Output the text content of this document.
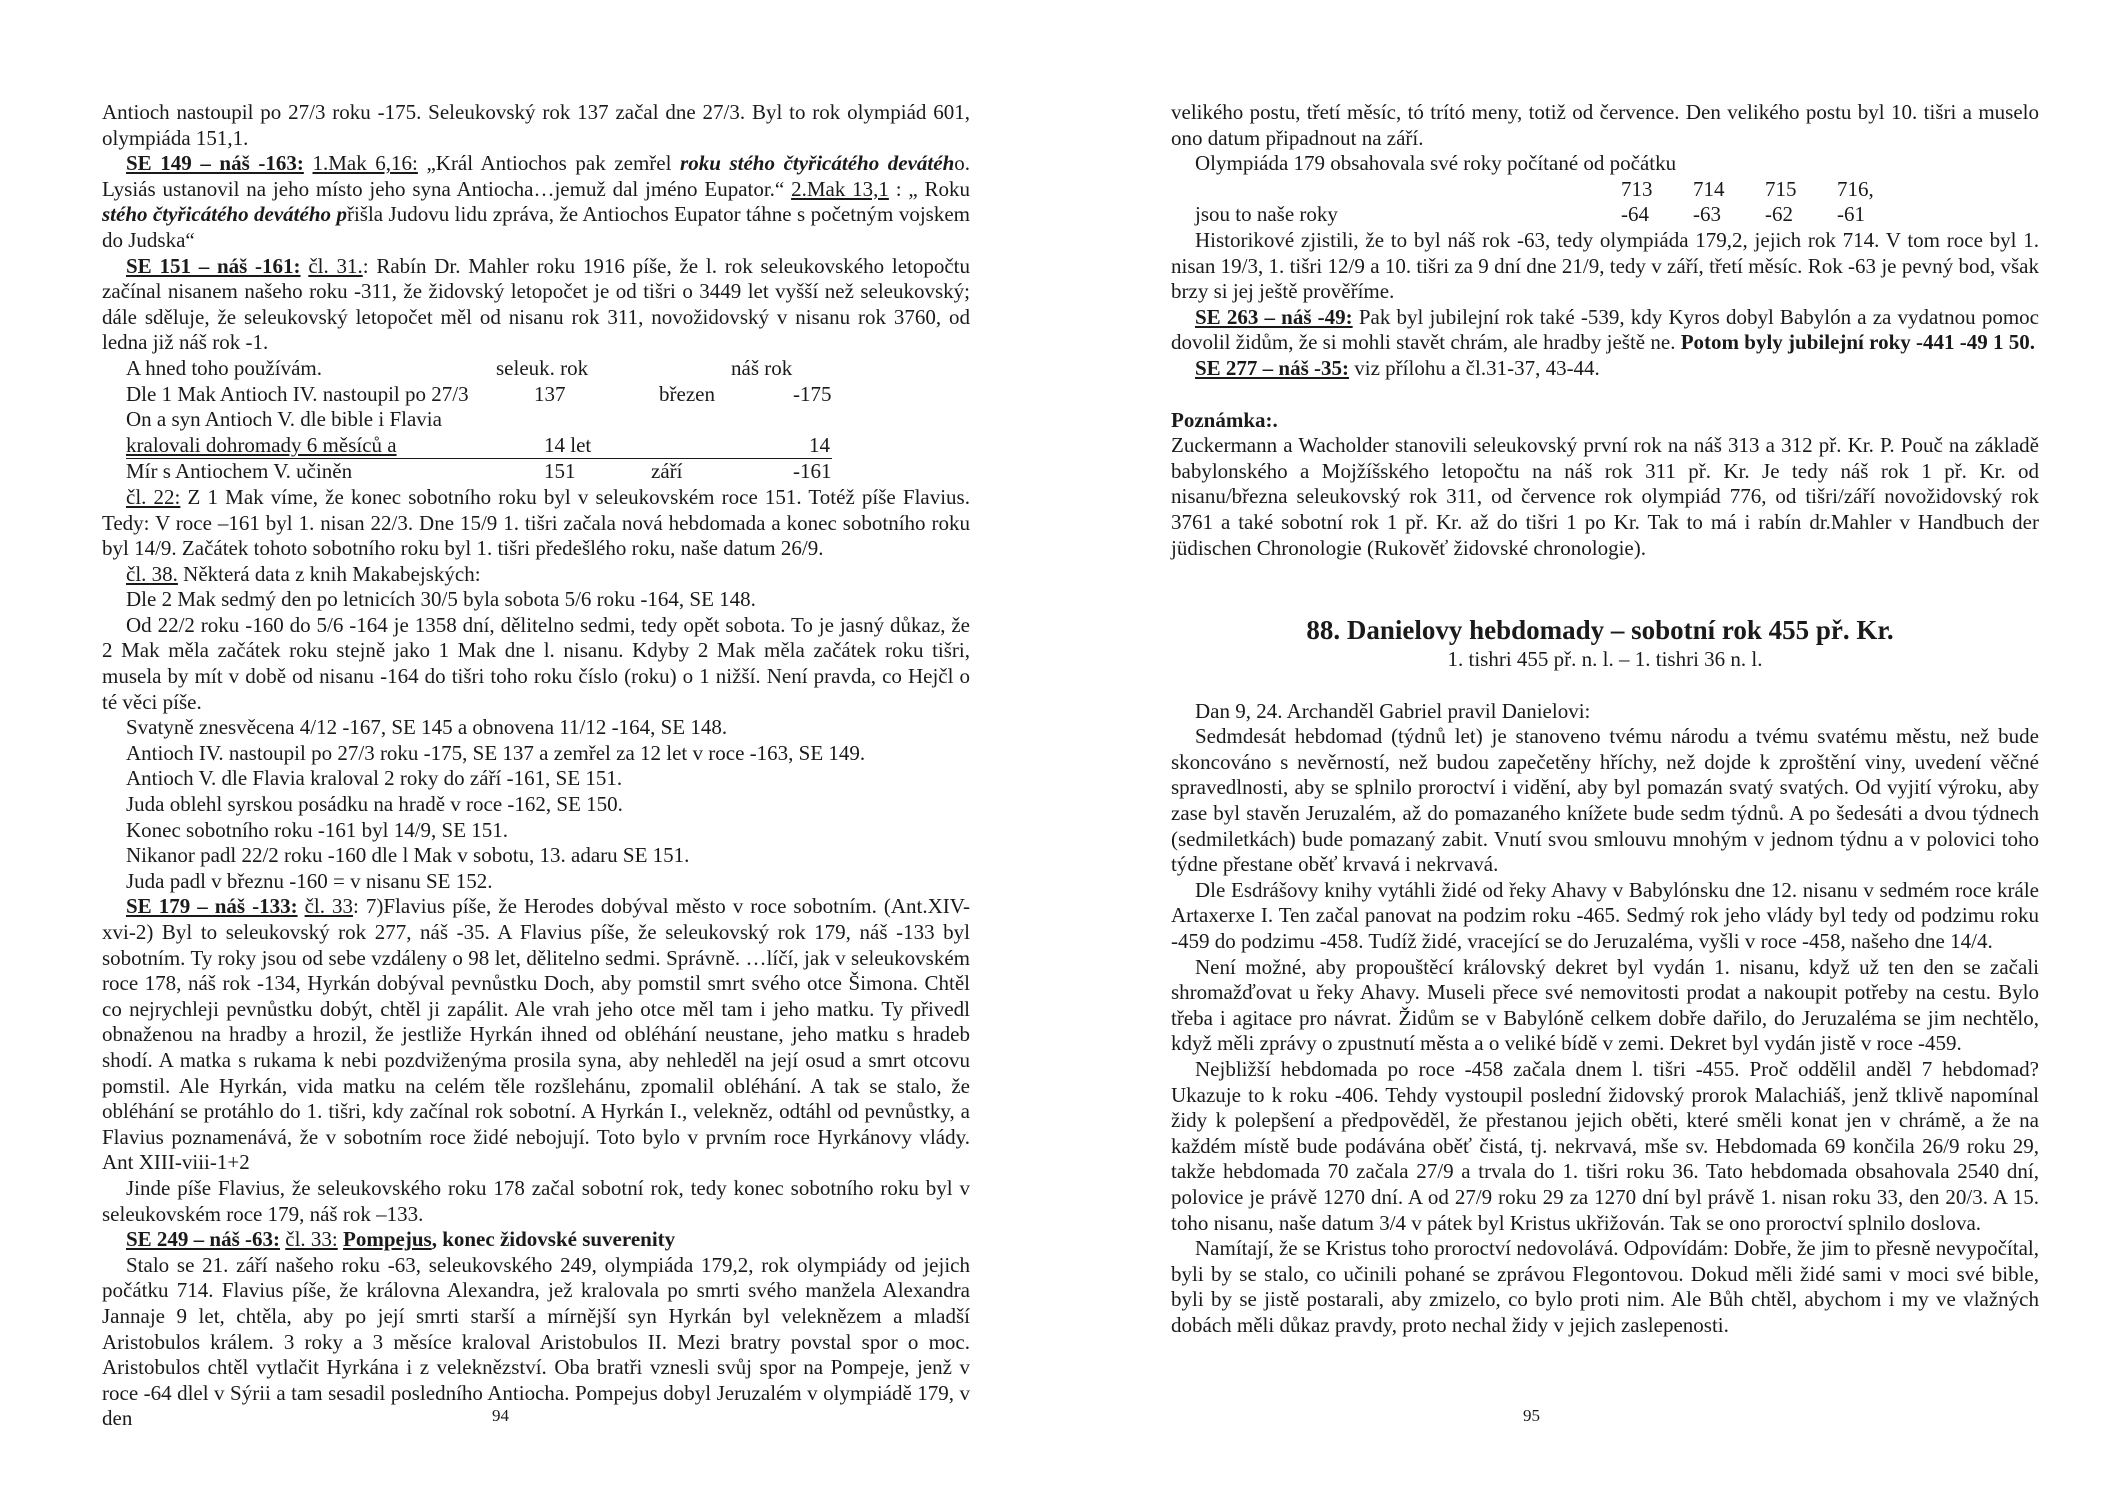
Antioch nastoupil po 27/3 roku -175. Seleukovský rok 137 začal dne 27/3. Byl to rok olympiád 601, olympiáda 151,1.

SE 149 – náš -163: 1.Mak 6,16: „Král Antiochos pak zemřel roku stého čtyřicátého devátého. Lysiás ustanovil na jeho místo jeho syna Antiocha…jemuž dal jméno Eupator.“ 2.Mak 13,1 : „ Roku stého čtyřicátého devátého přišla Judovu lidu zpráva, že Antiochos Eupator táhne s početným vojskem do Judska“

SE 151 – náš -161: čl. 31.: Rabín Dr. Mahler roku 1916 píše, že l. rok seleukovského letopočtu začínal nisanem našeho roku -311, že židovský letopočet je od tišri o 3449 let vyšší než seleukovský; dále sděluje, že seleukovský letopočet měl od nisanu rok 311, novožidovský v nisanu rok 3760, od ledna již náš rok -1.

A hned toho používám.	seleuk. rok		náš rok
Dle 1 Mak Antioch IV. nastoupil po 27/3	137	březen	-175
On a syn Antioch V. dle bible i Flavia			
kralovali dohromady 6 měsíců a	14 let		14
Mír s Antiochem V. učiněn	151	září	-161

čl. 22: Z 1 Mak víme, že konec sobotního roku byl v seleukovském roce 151. Totéž píše Flavius. Tedy: V roce –161 byl 1. nisan 22/3. Dne 15/9 1. tišri začala nová hebdomada a konec sobotního roku byl 14/9. Začátek tohoto sobotního roku byl 1. tišri předešlého roku, naše datum 26/9.

čl. 38. Některá data z knih Makabejských:

Dle 2 Mak sedmý den po letnicích 30/5 byla sobota 5/6 roku -164, SE 148.

Od 22/2 roku -160 do 5/6 -164 je 1358 dní, dělitelno sedmi, tedy opět sobota. To je jasný důkaz, že 2 Mak měla začátek roku stejně jako 1 Mak dne l. nisanu. Kdyby 2 Mak měla začátek roku tišri, musela by mít v době od nisanu -164 do tišri toho roku číslo (roku) o 1 nižší. Není pravda, co Hejčl o té věci píše.

Svatyně znesvěcena 4/12 -167, SE 145 a obnovena 11/12 -164, SE 148.

Antioch IV. nastoupil po 27/3 roku -175, SE 137 a zemřel za 12 let v roce -163, SE 149.

Antioch V. dle Flavia kraloval 2 roky do září -161, SE 151.

Juda oblehl syrskou posádku na hradě v roce -162, SE 150.

Konec sobotního roku -161 byl 14/9, SE 151.

Nikanor padl 22/2 roku -160 dle l Mak v sobotu, 13. adaru SE 151.

Juda padl v březnu -160 = v nisanu SE 152.

SE 179 – náš -133: čl. 33: 7)Flavius píše, že Herodes dobýval město v roce sobotním. (Ant.XIV-xvi-2) Byl to seleukovský rok 277, náš -35. A Flavius píše, že seleukovský rok 179, náš -133 byl sobotním. Ty roky jsou od sebe vzdáleny o 98 let, dělitelno sedmi. Správně. …líčí, jak v seleukovském roce 178, náš rok -134, Hyrkán dobýval pevnůstku Doch, aby pomstil smrt svého otce Šimona. Chtěl co nejrychleji pevnůstku dobýt, chtěl ji zapálit. Ale vrah jeho otce měl tam i jeho matku. Ty přivedl obnaženou na hradby a hrozil, že jestliže Hyrkán ihned od obléhání neustane, jeho matku s hradeb shodí. A matka s rukama k nebi pozdviženýma prosila syna, aby nehleděl na její osud a smrt otcovu pomstil. Ale Hyrkán, vida matku na celém těle rozšlehánu, zpomalil obléhání. A tak se stalo, že obléhání se protáhlo do 1. tišri, kdy začínal rok sobotní. A Hyrkán I., velekněz, odtáhl od pevnůstky, a Flavius poznamenává, že v sobotním roce židé nebojují. Toto bylo v prvním roce Hyrkánovy vlády. Ant XIII-viii-1+2

Jinde píše Flavius, že seleukovského roku 178 začal sobotní rok, tedy konec sobotního roku byl v seleukovském roce 179, náš rok –133.

SE 249 – náš -63: čl. 33: Pompejus, konec židovské suverenity

Stalo se 21. září našeho roku -63, seleukovského 249, olympiáda 179,2, rok olympiády od jejich počátku 714. Flavius píše, že královna Alexandra, jež kralovala po smrti svého manžela Alexandra Jannaje 9 let, chtěla, aby po její smrti starší a mírnější syn Hyrkán byl veleknězem a mladší Aristobulos králem. 3 roky a 3 měsíce kraloval Aristobulos II. Mezi bratry povstal spor o moc. Aristobulos chtěl vytlačit Hyrkána i z veleknězství. Oba bratři vznesli svůj spor na Pompeje, jenž v roce -64 dlel v Sýrii a tam sesadil posledního Antiocha. Pompejus dobyl Jeruzalém v olympiádě 179, v den	94

velikého postu, třetí měsíc, tó trító meny, totiž od července. Den velikého postu byl 10. tišri a muselo ono datum připadnout na září.

Olympiáda 179 obsahovala své roky počítané od počátku

	713	714	715	716,
jsou to naše roky	-64	-63	-62	-61

Historikové zjistili, že to byl náš rok -63, tedy olympiáda 179,2, jejich rok 714. V tom roce byl 1. nisan 19/3, 1. tišri 12/9 a 10. tišri za 9 dní dne 21/9, tedy v září, třetí měsíc. Rok -63 je pevný bod, však brzy si jej ještě prověříme.

SE 263 – náš -49: Pak byl jubilejní rok také -539, kdy Kyros dobyl Babylón a za vydatnou pomoc dovolil židům, že si mohli stavět chrám, ale hradby ještě ne. Potom byly jubilejní roky -441 -49 1 50.

SE 277 – náš -35: viz přílohu a čl.31-37, 43-44.

Poznámka:.

Zuckermann a Wacholder stanovili seleukovský první rok na náš 313 a 312 př. Kr. P. Pouč na základě babylonského a Mojžíšského letopočtu na náš rok 311 př. Kr. Je tedy náš rok 1 př. Kr. od nisanu/března seleukovský rok 311, od července rok olympiád 776, od tišri/září novožidovský rok 3761 a také sobotní rok 1 př. Kr. až do tišri 1 po Kr. Tak to má i rabín dr.Mahler v Handbuch der jüdischen Chronologie (Rukověť židovské chronologie).

88. Danielovy hebdomady – sobotní rok 455 př. Kr.
1. tishri 455 př. n. l. – 1. tishri 36 n. l.

Dan 9, 24. Archanděl Gabriel pravil Danielovi:

Sedmdesát hebdomad (týdnů let) je stanoveno tvému národu a tvému svatému městu, než bude skoncováno s nevěrností, než budou zapečetěny hříchy, než dojde k zproštění viny, uvedení věčné spravedlnosti, aby se splnilo proroctví i vidění, aby byl pomazán svatý svatých. Od vyjití výroku, aby zase byl stavěn Jeruzalém, až do pomazaného knížete bude sedm týdnů. A po šedesáti a dvou týdnech (sedmiletkách) bude pomazaný zabit. Vnutí svou smlouvu mnohým v jednom týdnu a v polovici toho týdne přestane oběť krvavá i nekrvavá.

Dle Esdrášovy knihy vytáhli židé od řeky Ahavy v Babylónsku dne 12. nisanu v sedmém roce krále Artaxerxe I. Ten začal panovat na podzim roku -465. Sedmý rok jeho vlády byl tedy od podzimu roku -459 do podzimu -458. Tudíž židé, vracející se do Jeruzaléma, vyšli v roce -458, našeho dne 14/4.

Není možné, aby propouštěcí královský dekret byl vydán 1. nisanu, když už ten den se začali shromažďovat u řeky Ahavy. Museli přece své nemovitosti prodat a nakoupit potřeby na cestu. Bylo třeba i agitace pro návrat. Židům se v Babylóně celkem dobře dařilo, do Jeruzaléma se jim nechtělo, když měli zprávy o zpustnutí města a o veliké bídě v zemi. Dekret byl vydán jistě v roce -459.

Nejbližší hebdomada po roce -458 začala dnem l. tišri -455. Proč oddělil anděl 7 hebdomad? Ukazuje to k roku -406. Tehdy vystoupil poslední židovský prorok Malachiáš, jenž tklivě napomínal židy k polepšení a předpověděl, že přestanou jejich oběti, které směli konat jen v chrámě, a že na každém místě bude podávána oběť čistá, tj. nekrvavá, mše sv. Hebdomada 69 končila 26/9 roku 29, takže hebdomada 70 začala 27/9 a trvala do 1. tišri roku 36. Tato hebdomada obsahovala 2540 dní, polovice je právě 1270 dní. A od 27/9 roku 29 za 1270 dní byl právě 1. nisan roku 33, den 20/3. A 15. toho nisanu, naše datum 3/4 v pátek byl Kristus ukřižován. Tak se ono proroctví splnilo doslova.

Namítají, že se Kristus toho proroctví nedovolává. Odpovídám: Dobře, že jim to přesně nevypočítal, byli by se stalo, co učinili pohané se zprávou Flegontovou. Dokud měli židé sami v moci své bible, byli by se jistě postarali, aby zmizelo, co bylo proti nim. Ale Bůh chtěl, abychom i my ve vlažných dobách měli důkaz pravdy, proto nechal židy v jejich zaslepenosti.

95
